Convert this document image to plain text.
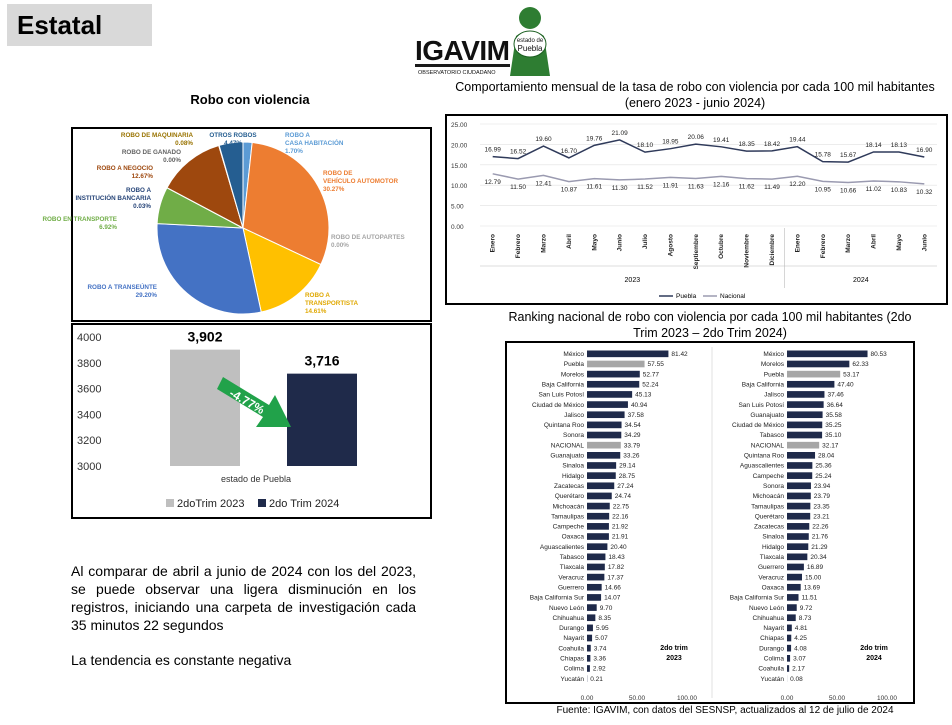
Estatal
IGAVIM
OBSERVATORIO CIUDADANO
estado de
Puebla
Robo con violencia
Comportamiento mensual de la tasa de robo con violencia por cada 100 mil habitantes (enero 2023 - junio 2024)
Ranking nacional de robo con violencia por cada 100 mil habitantes (2do Trim 2023 – 2do Trim 2024)
ROBO A
CASA HABITACIÓN
1.70%
ROBO DE
VEHÍCULO AUTOMOTOR
30.27%
ROBO DE AUTOPARTES
0.00%
ROBO A
TRANSPORTISTA
14.61%
ROBO A TRANSEÚNTE
29.20%
ROBO EN TRANSPORTE
6.92%
ROBO A
INSTITUCIÓN BANCARIA
0.03%
ROBO A NEGOCIO
12.67%
ROBO DE GANADO
0.00%
ROBO DE MAQUINARIA
0.08%
OTROS ROBOS
4.47%
4000
3800
3600
3400
3200
3000
3,902
3,716
-4.77%
estado de Puebla
2doTrim 2023 2do Trim 2024
25.00
20.00
15.00
10.00
5.00
0.00
16.99 16.52
19.60
16.70
19.76
21.09
18.10 18.95
20.06 19.41
18.35 18.42
19.44
15.78 15.67
18.14 18.13
16.90
12.79
11.50
12.41
10.87 11.61 11.30 11.52 11.91 11.63 12.16 11.62 11.49 12.20
10.95 10.66 11.02 10.83 10.32
Enero	Febrero	Marzo	Abril	Mayo	Junio	Julio	Agosto	Septiembre	Octubre	Noviembre	Diciembre	Enero	Febrero	Marzo	Abril	Mayo	Junio
2023	2024
Puebla	Nacional
México	81.42
Puebla	57.55
Morelos	52.77
Baja California	52.24
San Luis Potosí	45.13
Ciudad de México	40.94
Jalisco	37.58
Quintana Roo	34.54
Sonora	34.29
NACIONAL	33.79
Guanajuato	33.26
Sinaloa	29.14
Hidalgo	28.75
Zacatecas	27.24
Querétaro	24.74
Michoacán	22.75
Tamaulipas	22.16
Campeche	21.92
Oaxaca	21.91
Aguascalientes	20.40
Tabasco	18.43
Tlaxcala	17.82
Veracruz	17.37
Guerrero	14.66
Baja California Sur	14.07
Nuevo León 9.70
Chihuahua 8.35
Durango 5.95
Nayarit 5.07
Coahuila 3.74
Chiapas 3.36
Colima 2.92
Yucatán 0.21
0.00	50.00	100.00
2do trim
2023
México	80.53
Morelos	62.33
Puebla	53.17
Baja California	47.40
Jalisco	37.46
San Luis Potosí	36.64
Guanajuato	35.58
Ciudad de México	35.25
Tabasco	35.10
NACIONAL	32.17
Quintana Roo	28.04
Aguascalientes	25.36
Campeche	25.24
Sonora	23.94
Michoacán	23.79
Tamaulipas	23.35
Querétaro	23.21
Zacatecas	22.26
Sinaloa	21.76
Hidalgo	21.29
Tlaxcala	20.34
Guerrero	16.89
Veracruz	15.00
Oaxaca	13.69
Baja California Sur	11.51
Nuevo León 9.72
Chihuahua 8.73
Nayarit 4.81
Chiapas 4.25
Durango 4.08
Colima 3.07
Coahuila 2.17
Yucatán 0.08
0.00	50.00	100.00
2do trim
2024
Al comparar de abril a junio de 2024 con los del 2023, se puede observar una ligera disminución en los registros, iniciando una carpeta de investigación cada 35 minutos 22 segundos
La tendencia es constante negativa
Fuente: IGAVIM, con datos del SESNSP, actualizados al 12 de julio de 2024
